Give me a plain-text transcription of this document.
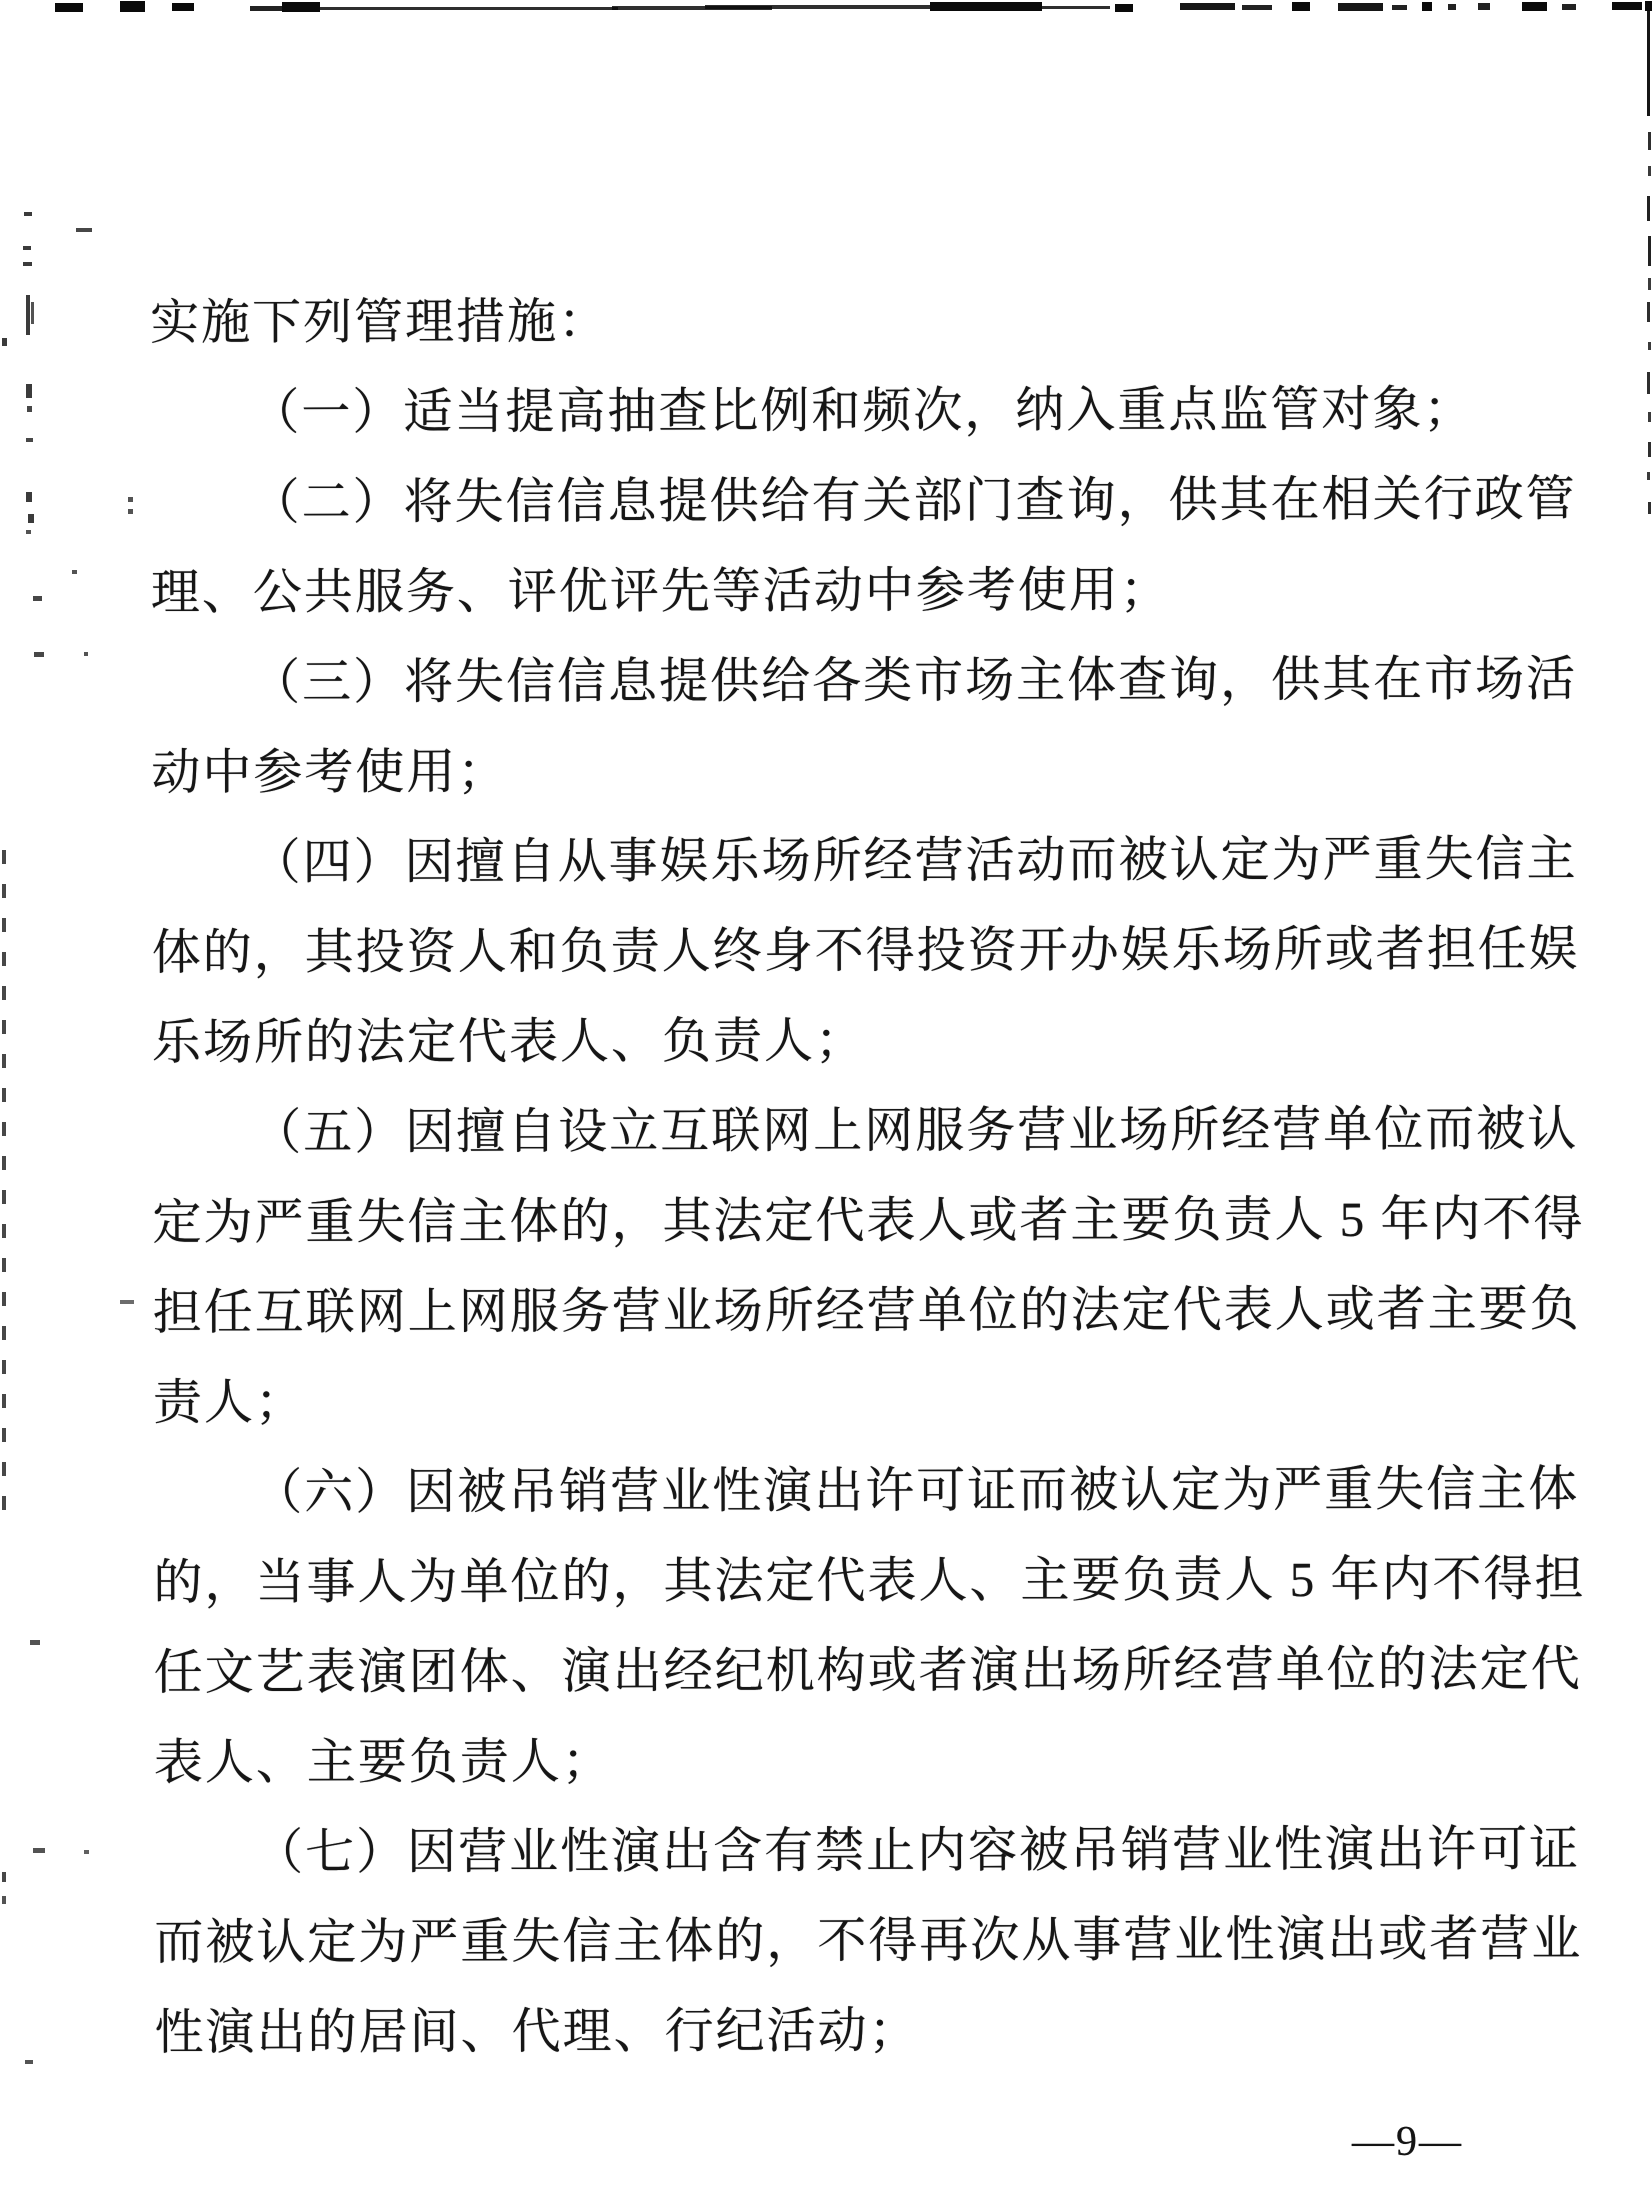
实施下列管理措施：
（一）适当提高抽查比例和频次，纳入重点监管对象；
（二）将失信信息提供给有关部门查询，供其在相关行政管
理、公共服务、评优评先等活动中参考使用；
（三）将失信信息提供给各类市场主体查询，供其在市场活
动中参考使用；
（四）因擅自从事娱乐场所经营活动而被认定为严重失信主
体的，其投资人和负责人终身不得投资开办娱乐场所或者担任娱
乐场所的法定代表人、负责人；
（五）因擅自设立互联网上网服务营业场所经营单位而被认
定为严重失信主体的，其法定代表人或者主要负责人 5 年内不得
担任互联网上网服务营业场所经营单位的法定代表人或者主要负
责人；
（六）因被吊销营业性演出许可证而被认定为严重失信主体
的，当事人为单位的，其法定代表人、主要负责人 5 年内不得担
任文艺表演团体、演出经纪机构或者演出场所经营单位的法定代
表人、主要负责人；
（七）因营业性演出含有禁止内容被吊销营业性演出许可证
而被认定为严重失信主体的，不得再次从事营业性演出或者营业
性演出的居间、代理、行纪活动；
—9—
